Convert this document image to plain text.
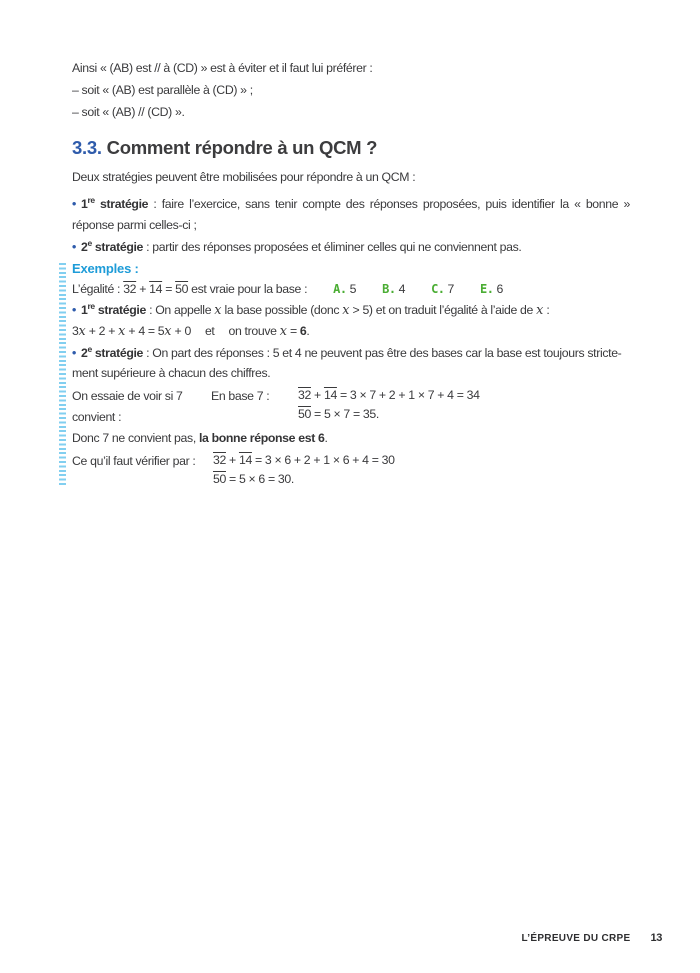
Ainsi « (AB) est // à (CD) » est à éviter et il faut lui préférer :
– soit « (AB) est parallèle à (CD) » ;
– soit « (AB) // (CD) ».

3.3. Comment répondre à un QCM ?

Deux stratégies peuvent être mobilisées pour répondre à un QCM :

• 1re stratégie : faire l’exercice, sans tenir compte des réponses proposées, puis identifier la « bonne » réponse parmi celles-ci ;

• 2e stratégie : partir des réponses proposées et éliminer celles qui ne conviennent pas.

Exemples :

L’égalité : 32 + 14 = 50 est vraie pour la base : A. 5 B. 4 C. 7 E. 6

• 1re stratégie : On appelle x la base possible (donc x > 5) et on traduit l’égalité à l’aide de x :

3x + 2 + x + 4 = 5x + 0 et on trouve x = 6.

• 2e stratégie : On part des réponses : 5 et 4 ne peuvent pas être des bases car la base est toujours stricte-
ment supérieure à chacun des chiffres.

On essaie de voir si 7 convient :
En base 7 :	32 + 14 = 3 × 7 + 2 + 1 × 7 + 4 = 34
50 = 5 × 7 = 35.

Donc 7 ne convient pas, la bonne réponse est 6.

Ce qu’il faut vérifier par :	32 + 14 = 3 × 6 + 2 + 1 × 6 + 4 = 30
50 = 5 × 6 = 30.
L’ÉPREUVE DU CRPE 13
